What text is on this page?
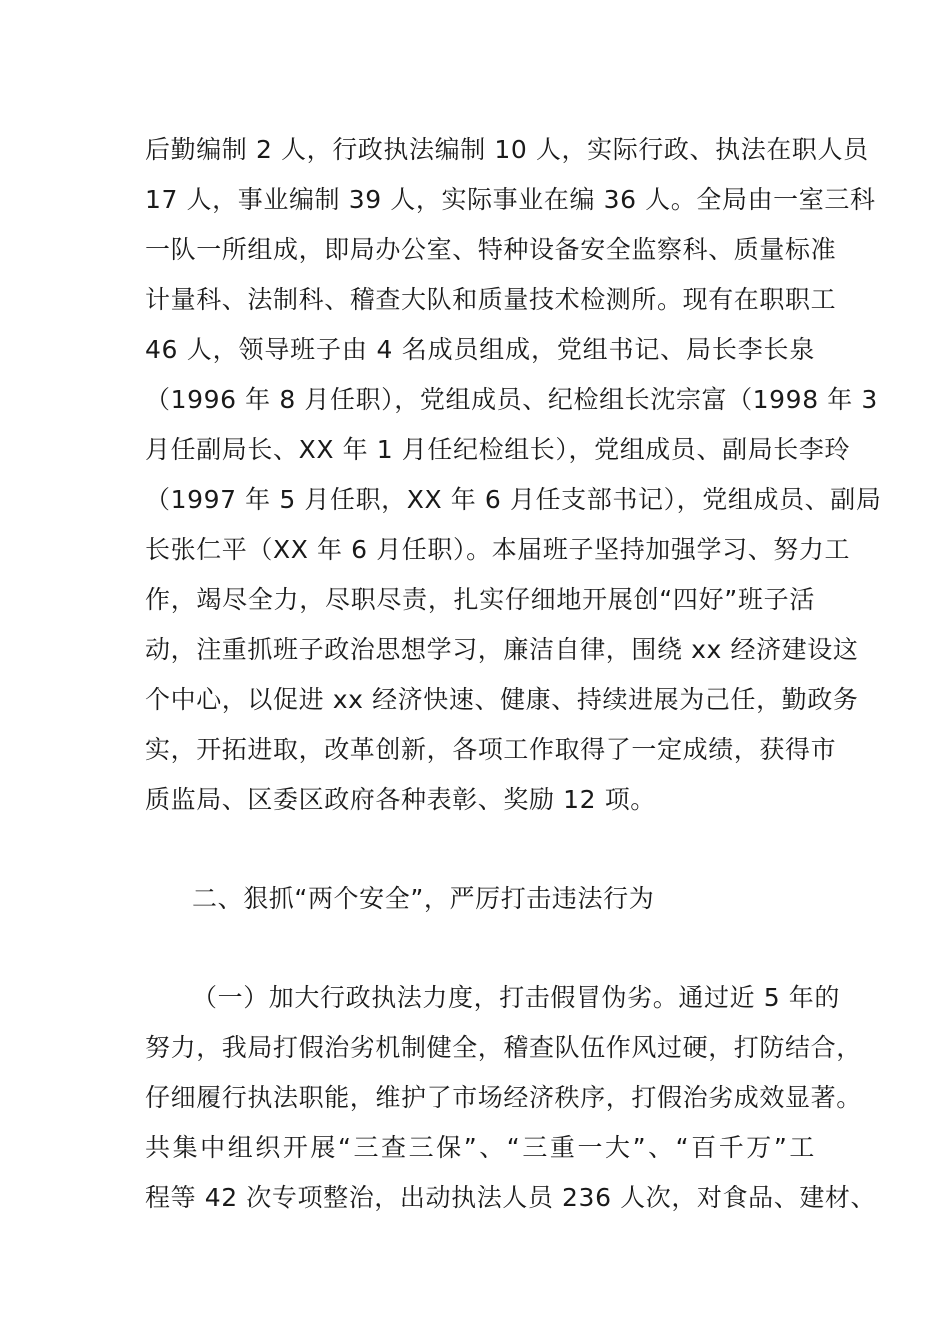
后勤编制 2 人，行政执法编制 10 人，实际行政、执法在职人员
17 人，事业编制 39 人，实际事业在编 36 人。全局由一室三科
一队一所组成，即局办公室、特种设备安全监察科、质量标准
计量科、法制科、稽查大队和质量技术检测所。现有在职职工
46 人，领导班子由 4 名成员组成，党组书记、局长李长泉
（1996 年 8 月任职），党组成员、纪检组长沈宗富（1998 年 3
月任副局长、XX 年 1 月任纪检组长），党组成员、副局长李玲
（1997 年 5 月任职，XX 年 6 月任支部书记），党组成员、副局
长张仁平（XX 年 6 月任职）。本届班子坚持加强学习、努力工
作，竭尽全力，尽职尽责，扎实仔细地开展创“四好”班子活
动，注重抓班子政治思想学习，廉洁自律，围绕 xx 经济建设这
个中心，以促进 xx 经济快速、健康、持续进展为己任，勤政务
实，开拓进取，改革创新，各项工作取得了一定成绩，获得市
质监局、区委区政府各种表彰、奖励 12 项。
二、狠抓“两个安全”，严厉打击违法行为
（一）加大行政执法力度，打击假冒伪劣。通过近 5 年的
努力，我局打假治劣机制健全，稽查队伍作风过硬，打防结合，
仔细履行执法职能，维护了市场经济秩序，打假治劣成效显著。
共集中组织开展“三查三保”、“三重一大”、“百千万”工
程等 42 次专项整治，出动执法人员 236 人次，对食品、建材、
